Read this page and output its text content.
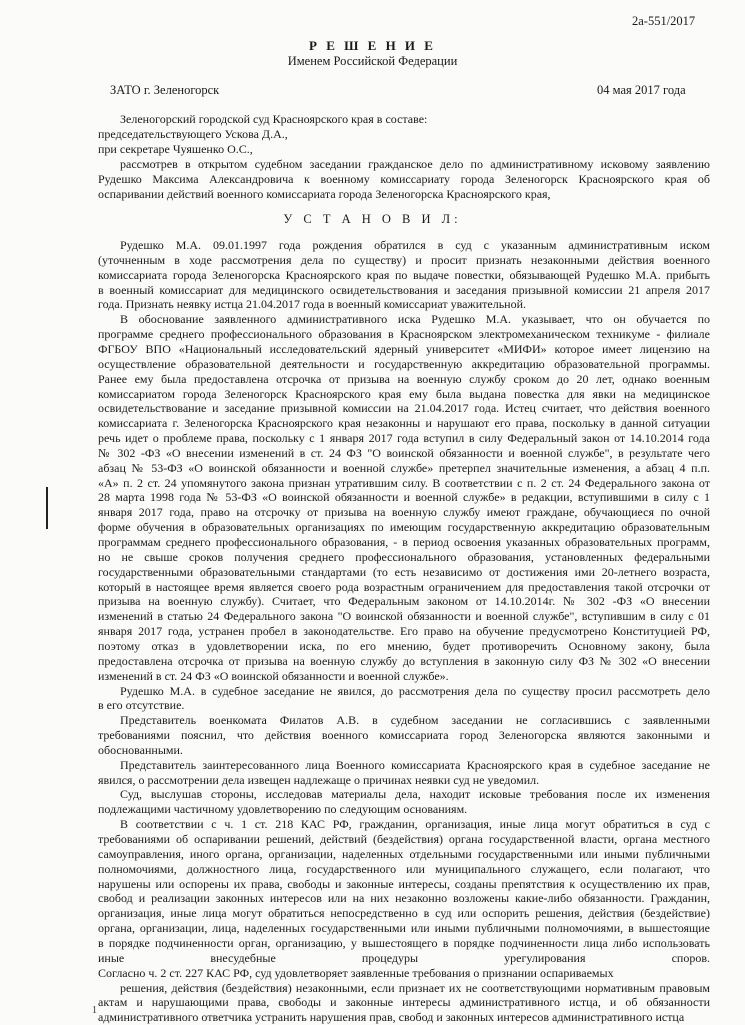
2а-551/2017
Р Е Ш Е Н И Е
Именем Российской Федерации
ЗАТО г. Зеленогорск	04 мая 2017 года
Зеленогорский городской суд Красноярского края в составе:
председательствующего Ускова Д.А.,
при секретаре Чуяшенко О.С.,
рассмотрев в открытом судебном заседании гражданское дело по административному исковому заявлению
Рудешко Максима Александровича к военному комиссариату города Зеленогорск Красноярского края об
оспаривании действий военного комиссариата города Зеленогорска Красноярского края,
У С Т А Н О В И Л:
Рудешко М.А. 09.01.1997 года рождения обратился в суд с указанным административным иском
(уточненным в ходе рассмотрения дела по существу) и просит признать незаконными действия военного
комиссариата города Зеленогорска Красноярского края по выдаче повестки, обязывающей Рудешко М.А. прибыть
в военный комиссариат для медицинского освидетельствования и заседания призывной комиссии 21 апреля 2017
года. Признать неявку истца 21.04.2017 года в военный комиссариат уважительной.
В обоснование заявленного административного иска Рудешко М.А. указывает, что он обучается по
программе среднего профессионального образования в Красноярском электромеханическом техникуме - филиале
ФГБОУ ВПО «Национальный исследовательский ядерный университет «МИФИ» которое имеет лицензию на
осуществление образовательной деятельности и государственную аккредитацию образовательной программы.
Ранее ему была предоставлена отсрочка от призыва на военную службу сроком до 20 лет, однако военным
комиссариатом города Зеленогорск Красноярского края ему была выдана повестка для явки на медицинское
освидетельствование и заседание призывной комиссии на 21.04.2017 года. Истец считает, что действия военного
комиссариата г. Зеленогорска Красноярского края незаконны и нарушают его права, поскольку в данной ситуации
речь идет о проблеме права, поскольку с 1 января 2017 года вступил в силу Федеральный закон от 14.10.2014 года
№ 302 -ФЗ «О внесении изменений в ст. 24 ФЗ "О воинской обязанности и военной службе", в результате чего
абзац № 53-ФЗ «О воинской обязанности и военной службе» претерпел значительные изменения, а абзац 4 п.п.
«А» п. 2 ст. 24 упомянутого закона признан утратившим силу. В соответствии с п. 2 ст. 24 Федерального закона от
28 марта 1998 года № 53-ФЗ «О воинской обязанности и военной службе» в редакции, вступившими в силу с 1
января 2017 года, право на отсрочку от призыва на военную службу имеют граждане, обучающиеся по очной
форме обучения в образовательных организациях по имеющим государственную аккредитацию образовательным
программам среднего профессионального образования, - в период освоения указанных образовательных программ,
но не свыше сроков получения среднего профессионального образования, установленных федеральными
государственными образовательными стандартами (то есть независимо от достижения ими 20-летнего возраста,
который в настоящее время является своего рода возрастным ограничением для предоставления такой отсрочки от
призыва на военную службу). Считает, что Федеральным законом от 14.10.2014г. № 302 -ФЗ «О внесении
изменений в статью 24 Федерального закона "О воинской обязанности и военной службе", вступившим в силу с 01
января 2017 года, устранен пробел в законодательстве. Его право на обучение предусмотрено Конституцией РФ,
поэтому отказ в удовлетворении иска, по его мнению, будет противоречить Основному закону, была
предоставлена отсрочка от призыва на военную службу до вступления в законную силу ФЗ № 302 «О внесении
изменений в ст. 24 ФЗ «О воинской обязанности и военной службе».
Рудешко М.А. в судебное заседание не явился, до рассмотрения дела по существу просил рассмотреть дело
в его отсутствие.
Представитель военкомата Филатов А.В. в судебном заседании не согласившись с заявленными
требованиями пояснил, что действия военного комиссариата город Зеленогорска являются законными и
обоснованными.
Представитель заинтересованного лица Военного комиссариата Красноярского края в судебное заседание не
явился, о рассмотрении дела извещен надлежаще о причинах неявки суд не уведомил.
Суд, выслушав стороны, исследовав материалы дела, находит исковые требования после их изменения
подлежащими частичному удовлетворению по следующим основаниям.
В соответствии с ч. 1 ст. 218 КАС РФ, гражданин, организация, иные лица могут обратиться в суд с
требованиями об оспаривании решений, действий (бездействия) органа государственной власти, органа местного
самоуправления, иного органа, организации, наделенных отдельными государственными или иными публичными
полномочиями, должностного лица, государственного или муниципального служащего, если полагают, что
нарушены или оспорены их права, свободы и законные интересы, созданы препятствия к осуществлению их прав,
свобод и реализации законных интересов или на них незаконно возложены какие-либо обязанности. Гражданин,
организация, иные лица могут обратиться непосредственно в суд или оспорить решения, действия (бездействие)
органа, организации, лица, наделенных государственными или иными публичными полномочиями, в вышестоящие
в порядке подчиненности орган, организацию, у вышестоящего в порядке подчиненности лица либо использовать
иные внесудебные процедуры урегулирования споров.
Согласно ч. 2 ст. 227 КАС РФ, суд удовлетворяет заявленные требования о признании оспариваемых
решения, действия (бездействия) незаконными, если признает их не соответствующими нормативным правовым
актам и нарушающими права, свободы и законные интересы административного истца, и об обязанности
административного ответчика устранить нарушения прав, свобод и законных интересов административного истца
1
